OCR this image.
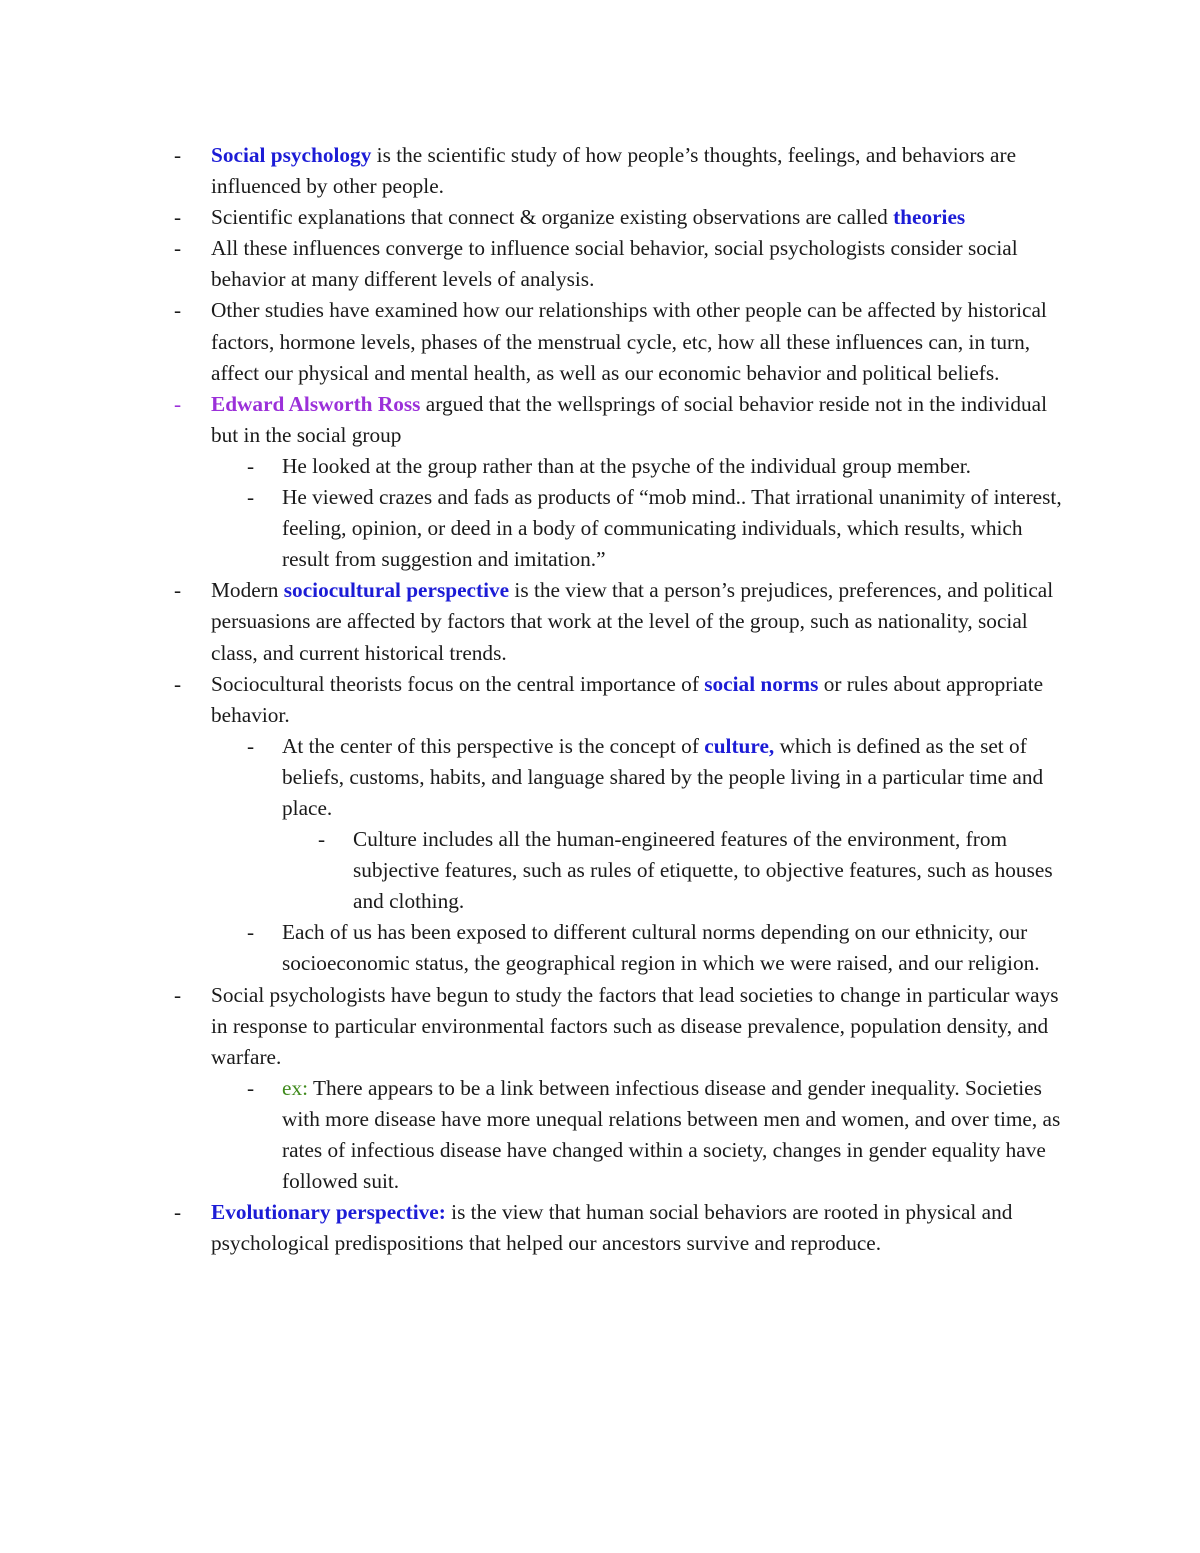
- Social psychology is the scientific study of how people’s thoughts, feelings, and behaviors are influenced by other people.

- Scientific explanations that connect & organize existing observations are called theories

- All these influences converge to influence social behavior, social psychologists consider social behavior at many different levels of analysis.

- Other studies have examined how our relationships with other people can be affected by historical factors, hormone levels, phases of the menstrual cycle, etc, how all these influences can, in turn, affect our physical and mental health, as well as our economic behavior and political beliefs.

- Edward Alsworth Ross argued that the wellsprings of social behavior reside not in the individual but in the social group

- He looked at the group rather than at the psyche of the individual group member.

- He viewed crazes and fads as products of “mob mind.. That irrational unanimity of interest, feeling, opinion, or deed in a body of communicating individuals, which results, which result from suggestion and imitation.”

- Modern sociocultural perspective is the view that a person’s prejudices, preferences, and political persuasions are affected by factors that work at the level of the group, such as nationality, social class, and current historical trends.

- Sociocultural theorists focus on the central importance of social norms or rules about appropriate behavior.

- At the center of this perspective is the concept of culture, which is defined as the set of beliefs, customs, habits, and language shared by the people living in a particular time and place.

- Culture includes all the human-engineered features of the environment, from subjective features, such as rules of etiquette, to objective features, such as houses and clothing.

- Each of us has been exposed to different cultural norms depending on our ethnicity, our socioeconomic status, the geographical region in which we were raised, and our religion.

- Social psychologists have begun to study the factors that lead societies to change in particular ways in response to particular environmental factors such as disease prevalence, population density, and warfare.

- ex: There appears to be a link between infectious disease and gender inequality. Societies with more disease have more unequal relations between men and women, and over time, as rates of infectious disease have changed within a society, changes in gender equality have followed suit.

- Evolutionary perspective: is the view that human social behaviors are rooted in physical and psychological predispositions that helped our ancestors survive and reproduce.
